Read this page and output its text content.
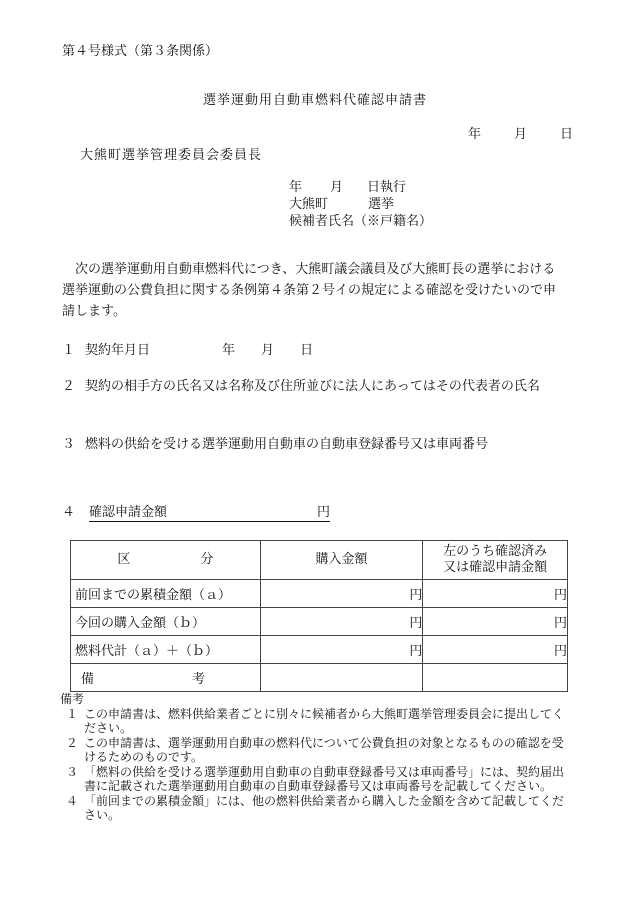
第４号様式（第３条関係）
選挙運動用自動車燃料代確認申請書
年	月	日
大熊町選挙管理委員会委員長
年 月 日執行
大熊町	選挙
候補者氏名（※戸籍名）

次の選挙運動用自動車燃料代につき、大熊町議会議員及び大熊町長の選挙における選挙運動の公費負担に関する条例第４条第２号イの規定による確認を受けたいので申請します。

１ 契約年月日	年 月 日
２ 契約の相手方の氏名又は名称及び住所並びに法人にあってはその代表者の氏名
３ 燃料の供給を受ける選挙運動用自動車の自動車登録番号又は車両番号
４ 確認申請金額	円
区 分	購入金額	左のうち確認済み
又は確認申請金額

前回までの累積金額（ａ）	円	円
今回の購入金額（ｂ）	円	円
燃料代計（ａ）＋（ｂ）	円	円
備 考		
備考
１ この申請書は、燃料供給業者ごとに別々に候補者から大熊町選挙管理委員会に提出してください。
２ この申請書は、選挙運動用自動車の燃料代について公費負担の対象となるものの確認を受けるためのものです。
３ 「燃料の供給を受ける選挙運動用自動車の自動車登録番号又は車両番号」には、契約届出書に記載された選挙運動用自動車の自動車登録番号又は車両番号を記載してください。
４ 「前回までの累積金額」には、他の燃料供給業者から購入した金額を含めて記載してください。
